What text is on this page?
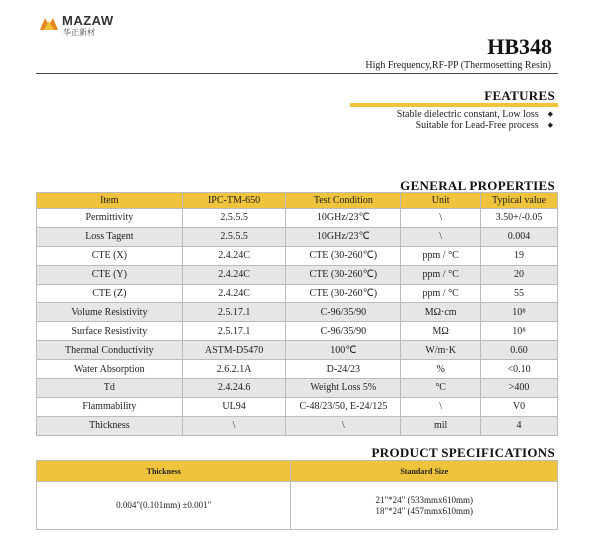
MAZAW
华正新材
HB348
High Frequency,RF-PP (Thermosetting Resin)
FEATURES
Stable dielectric constant, Low loss ◆
Suitable for Lead-Free process ◆
GENERAL PROPERTIES
Item	IPC-TM-650	Test Condition	Unit	Typical value
Permittivity	2.5.5.5	10GHz/23℃	\	3.50+/-0.05
Loss Tagent	2.5.5.5	10GHz/23℃	\	0.004
CTE (X)	2.4.24C	CTE (30-260℃)	ppm / °C	19
CTE (Y)	2.4.24C	CTE (30-260℃)	ppm / °C	20
CTE (Z)	2.4.24C	CTE (30-260℃)	ppm / °C	55
Volume Resistivity	2.5.17.1	C-96/35/90	MΩ·cm	10⁸
Surface Resistivity	2.5.17.1	C-96/35/90	MΩ	10⁸
Thermal Conductivity	ASTM-D5470	100℃	W/m·K	0.60
Water Absorption	2.6.2.1A	D-24/23	%	<0.10
Td	2.4.24.6	Weight Loss 5%	°C	>400
Flammability	UL94	C-48/23/50, E-24/125	\	V0
Thickness	\	\	mil	4
PRODUCT SPECIFICATIONS
Thickness	Standard Size
0.004"(0.101mm) ±0.001"	21"*24" (533mmx610mm)
18"*24" (457mmx610mm)
